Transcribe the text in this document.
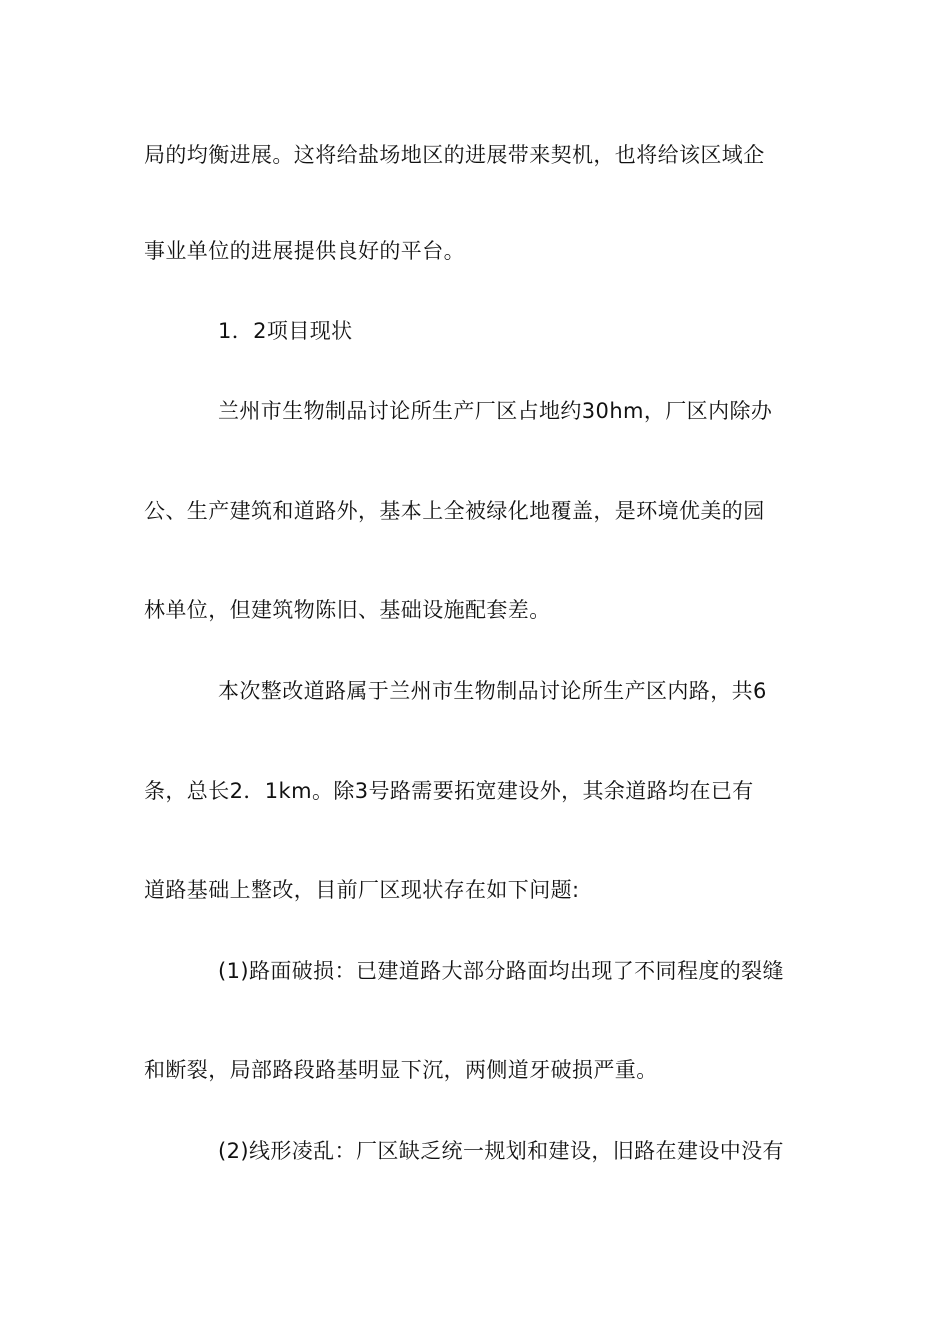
局的均衡进展。这将给盐场地区的进展带来契机，也将给该区域企
事业单位的进展提供良好的平台。
1．2项目现状
兰州市生物制品讨论所生产厂区占地约30hm，厂区内除办
公、生产建筑和道路外，基本上全被绿化地覆盖，是环境优美的园
林单位，但建筑物陈旧、基础设施配套差。
本次整改道路属于兰州市生物制品讨论所生产区内路，共6
条，总长2．1km。除3号路需要拓宽建设外，其余道路均在已有
道路基础上整改，目前厂区现状存在如下问题:
(1)路面破损：已建道路大部分路面均出现了不同程度的裂缝
和断裂，局部路段路基明显下沉，两侧道牙破损严重。
(2)线形凌乱：厂区缺乏统一规划和建设，旧路在建设中没有
